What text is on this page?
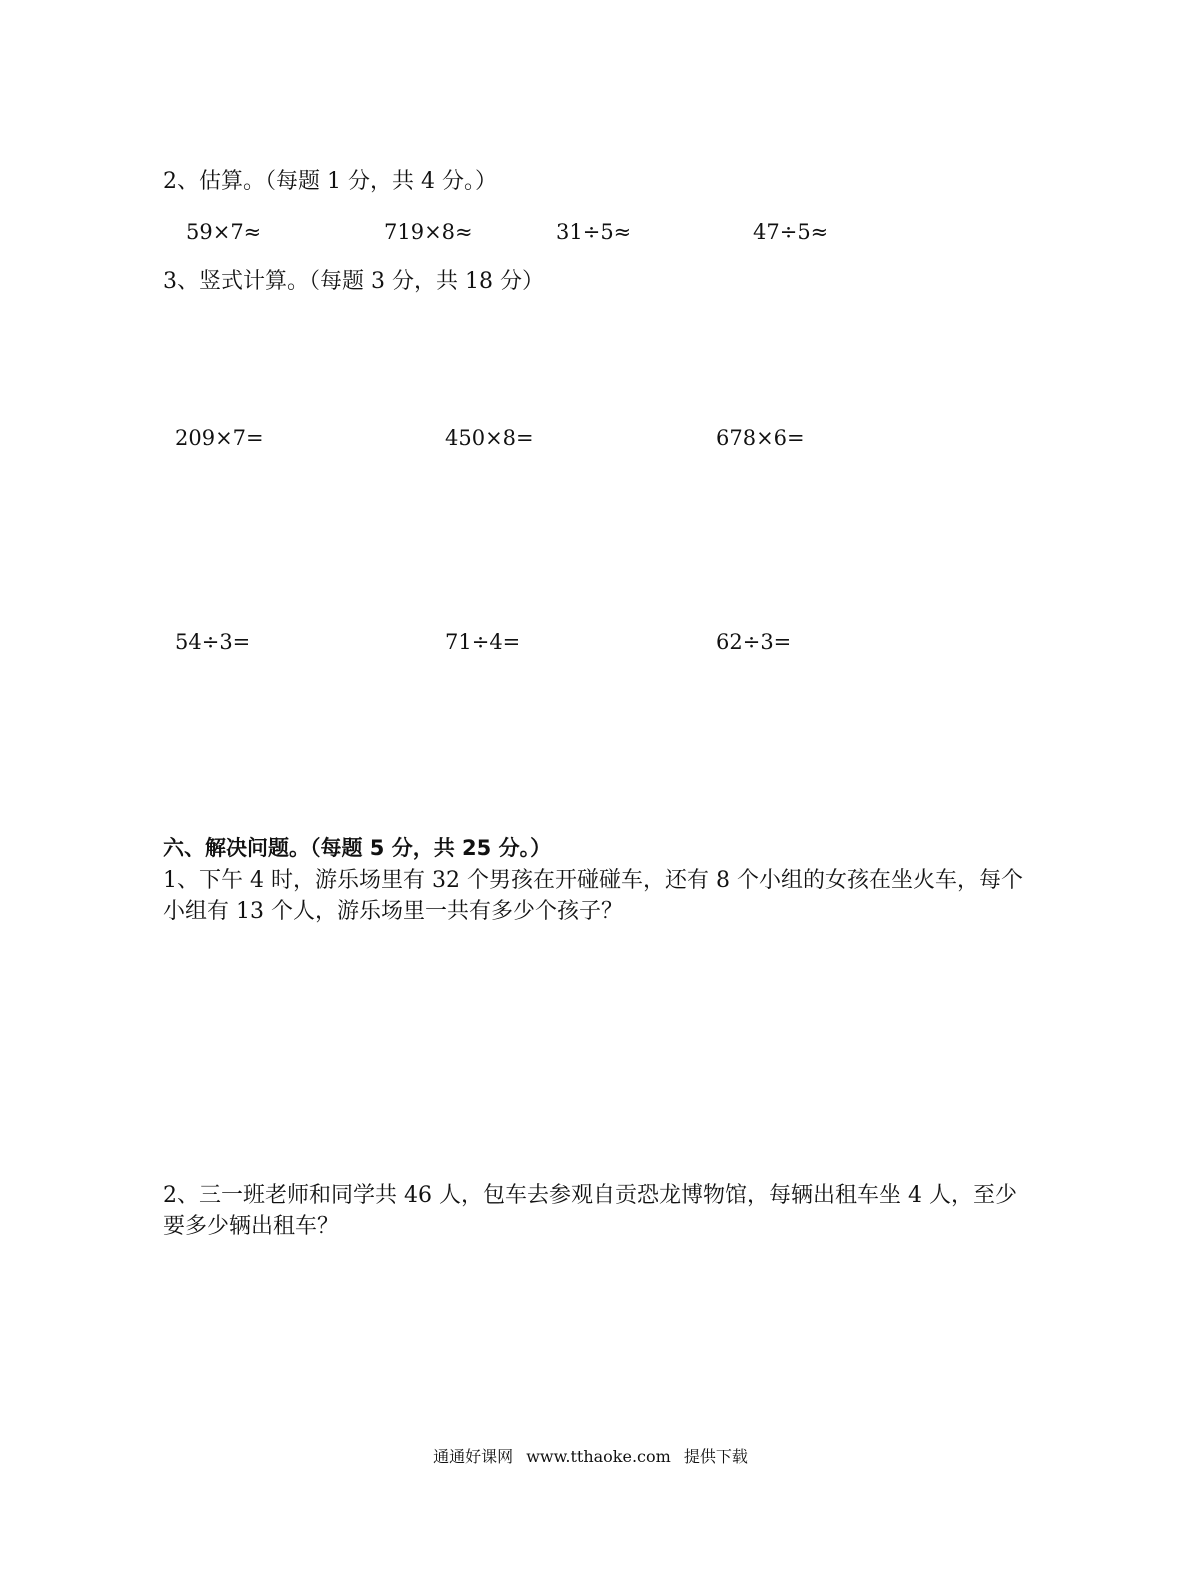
2、估算。（每题 1 分，共 4 分。）
59×7≈	719×8≈	31÷5≈	47÷5≈
3、竖式计算。（每题 3 分，共 18 分）
209×7=	450×8=	678×6=
54÷3=	71÷4=	62÷3=
六、解决问题。（每题 5 分，共 25 分。）
1、下午 4 时，游乐场里有 32 个男孩在开碰碰车，还有 8 个小组的女孩在坐火车，每个小组有 13 个人，游乐场里一共有多少个孩子？
2、三一班老师和同学共 46 人，包车去参观自贡恐龙博物馆，每辆出租车坐 4 人，至少要多少辆出租车？
通通好课网 www.tthaoke.com 提供下载
